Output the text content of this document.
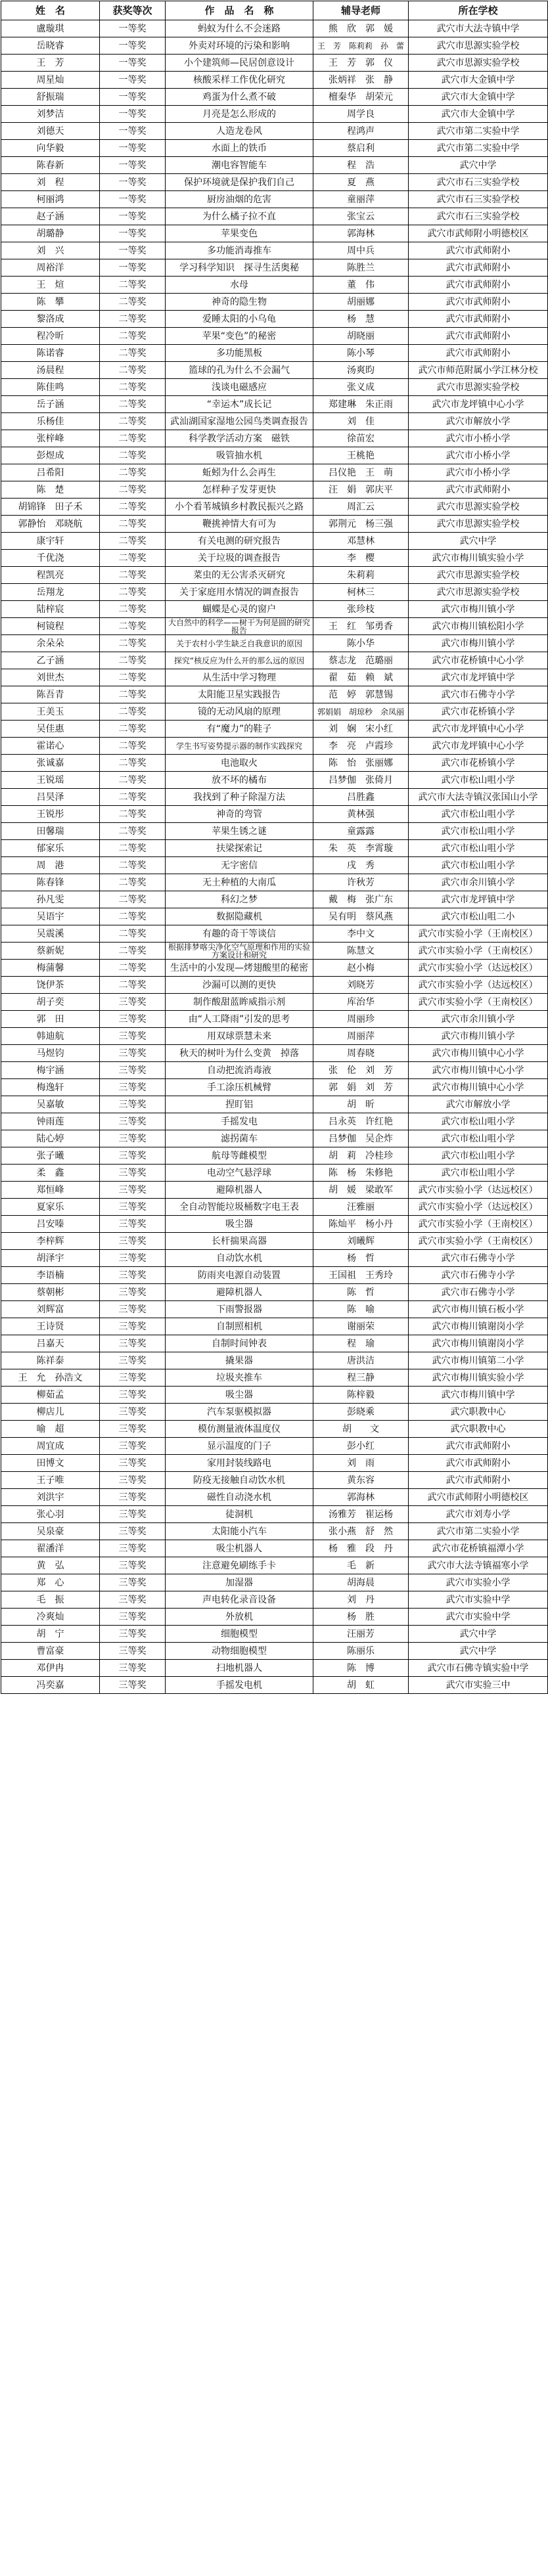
姓　名	获奖等次	作　品　名　称	辅导老师	所在学校
盧璇琪	一等奖	蚂蚁为什么不会迷路	熊　欣　郭　媛	武穴市大法寺镇中学
岳晓睿	一等奖	外卖对环境的污染和影响	王　芳　陈莉莉　孙　蕾	武穴市思源实验学校
王　芳	一等奖	小个建筑师—民居创意设计	王　芳　郭　仪	武穴市思源实验学校
周星灿	一等奖	核酸采样工作优化研究	张炳祥　张　静	武穴市大金镇中学
舒振瑞	一等奖	鸡蛋为什么煮不破	檀秦华　胡荣元	武穴市大金镇中学
刘梦洁	一等奖	月亮是怎么形成的	周学良	武穴市大金镇中学
刘德天	一等奖	人造龙卷风	程鸿声	武穴市第二实验中学
向华毅	一等奖	水面上的铁币	蔡启利	武穴市第二实验中学
陈春新	一等奖	潮电容智能车	程　浩	武穴中学
刘　程	一等奖	保护环境就是保护我们自己	夏　燕	武穴市石三实验学校
柯丽鸿	一等奖	厨房油烟的危害	童丽萍	武穴市石三实验学校
赵子涵	一等奖	为什么橘子拉不直	张宝云	武穴市石三实验学校
胡璐静	一等奖	苹果变色	郭海林	武穴市武师附小明德校区
刘　兴	一等奖	多功能消毒推车	周中兵	武穴市武师附小
周裕洋	一等奖	学习科学知识　探寻生活奥秘	陈胜兰	武穴市武师附小
王　煊	二等奖	水母	董　伟	武穴市武师附小
陈　攀	二等奖	神奇的隐生物	胡丽娜	武穴市武师附小
黎洛成	二等奖	爱睡太阳的小乌龟	杨　慧	武穴市武师附小
程冷昕	二等奖	苹果“变色”的秘密	胡晓丽	武穴市武师附小
陈诺睿	二等奖	多功能黑板	陈小琴	武穴市武师附小
汤晨程	二等奖	篮球的孔为什么不会漏气	汤爽昀	武穴市师范附属小学江林分校
陈佳鸣	二等奖	浅谈电磁感应	张义成	武穴市思源实验学校
岳子涵	二等奖	“幸运木”成长记	郑建琳　朱正雨	武穴市龙坪镇中心小学
乐杨佳	二等奖	武汕湖国家湿地公园鸟类调查报告	刘　佳	武穴市解放小学
张梓峰	二等奖	科学教学活动方案　磁铁	徐苗宏	武穴市小桥小学
彭煜成	二等奖	吸管抽水机	王桃艳	武穴市小桥小学
吕希阳	二等奖	蚯蚓为什么会再生	吕仪艳　王　萌	武穴市小桥小学
陈　楚	二等奖	怎样种子发芽更快	汪　娟　郭庆平	武穴市武师附小
胡锦锋　田子禾	二等奖	小个看苇城镇乡村教民振兴之路	周汇云	武穴市思源实验学校
郭静怡　邓晓航	二等奖	鞭挑神情大有可为	郭荆元　杨三强	武穴市思源实验学校
康宇轩	二等奖	有关电测的研究报告	邓慧林	武穴中学
千优浇	二等奖	关于垃圾的调查报告	李　樱	武穴市梅川镇实验小学
程凯亮	二等奖	菜虫的无公害杀灭研究	朱莉莉	武穴市思源实验学校
岳翔龙	二等奖	关于家庭用水情况的调查报告	柯林三	武穴市思源实验学校
陆梓宸	二等奖	蝴蝶是心灵的窗户	张珍枝	武穴市梅川镇小学
柯镜程	二等奖	大自然中的科学——树干为何是圆的研究报告	王　红　邹勇香	武穴市梅川镇松阳小学
余朵朵	二等奖	关于农村小学生缺乏自我意识的原因	陈小华	武穴市梅川镇小学
乙子涵	二等奖	探究“核反应为什么开的那么远的原因	蔡志龙　范璐丽	武穴市花桥镇中心小学
刘世杰	二等奖	从生活中学习物理	翟　茹　赖　斌	武穴市龙坪镇中学
陈吾青	二等奖	太阳能卫星实践报告	范　婷　郭慧锡	武穴市石佛寺小学
王美玉	二等奖	镜的无动风扇的原理	郭娟娟　胡琼秒　余凤丽	武穴市花桥镇小学
吴佳惠	二等奖	有“魔力”的鞋子	刘　娴　宋小红	武穴市龙坪镇中心小学
霍诺心	二等奖	学生书写姿势提示器的制作实践探究	李　亮　卢霞珍	武穴市龙坪镇中心小学
张诚嘉	二等奖	电池取火	陈　怡　张丽娜	武穴市花桥镇小学
王锐瑶	二等奖	放不坏的橘布	吕梦伽　张倚月	武穴市松山咀小学
吕昊泽	二等奖	我找到了种子除湿方法	吕胜鑫	武穴市大法寺镇汉张国山小学
王锐彤	二等奖	神奇的弯管	黄林强	武穴市松山咀小学
田馨瑞	二等奖	苹果生锈之谜	童露露	武穴市松山咀小学
郁家乐	二等奖	扶梁探索记	朱　英　李霄璇	武穴市松山咀小学
周　港	二等奖	无字密信	戌　秀	武穴市松山咀小学
陈春锋	二等奖	无土种植的大南瓜	许秋芳	武穴市余川镇小学
孙凡雯	二等奖	科幻之梦	戴　梅　张广东	武穴市龙坪镇中学
吴语宇	二等奖	数据隐藏机	吴有明　蔡风燕	武穴市松山咀二小
吴震溪	二等奖	有趣的奇干等谈信	李中文	武穴市实验小学（王南校区）
蔡新妮	二等奖	根据排梦喀尖净化空气原理和作用的实验方案设计和研究	陈慧文	武穴市实验小学（王南校区）
梅蒲馨	二等奖	生活中的小发现—烤翅酸里的秘密	赵小梅	武穴市实验小学（达远校区）
饶伊茶	二等奖	沙漏可以测的更快	刘晓芳	武穴市实验小学（达远校区）
胡子奕	三等奖	制作酸甜蓝眸威指示剂	库治华	武穴市实验小学（王南校区）
郭　田	三等奖	由“人工降雨”引发的思考	周丽珍	武穴市余川镇小学
韩迪航	三等奖	用双球票慧未来	周丽萍	武穴市梅川镇小学
马煜钧	三等奖	秋天的树叶为什么变黄　掉落	周春晓	武穴市梅川镇中心小学
梅宇涵	三等奖	自动把流消毒液	张　伦　刘　芳	武穴市梅川镇中心小学
梅逸轩	三等奖	手工涂压机械臂	郭　娟　刘　芳	武穴市梅川镇中心小学
吴嘉敏	三等奖	捏盯铝	胡　昕	武穴市解放小学
钟雨莲	三等奖	手摇发电	吕永英　许红艳	武穴市松山咀小学
陆心婷	三等奖	滤拐菌车	吕梦伽　吴企炸	武穴市松山咀小学
张子曦	三等奖	航母等雌模型	胡　莉　冷桂珍	武穴市松山咀小学
柔　鑫	三等奖	电动空气悬浮球	陈　杨　朱修艳	武穴市松山咀小学
郑恒峰	三等奖	避障机器人	胡　媛　梁敢军	武穴市实验小学（达远校区）
夏家乐	三等奖	全自动智能垃圾桶数字电王表	汪雅丽	武穴市实验小学（达远校区）
吕安嗪	三等奖	吸尘器	陈灿平　杨小丹	武穴市实验小学（王南校区）
李梓辉	三等奖	长杆揣果高器	刘曦辉	武穴市实验小学（王南校区）
胡泽宇	三等奖	自动饮水机	杨　哲	武穴市石佛寺小学
李语楠	三等奖	防雨夹电源自动装置	王国祖　王秀玲	武穴市石佛寺小学
蔡朝彬	三等奖	避障机器人	陈　哲	武穴市石佛寺小学
刘辉富	三等奖	下雨警报器	陈　喻	武穴市梅川镇石板小学
王诗贤	三等奖	自制照相机	谢丽荣	武穴市梅川镇谢岗小学
吕嘉天	三等奖	自制时间钟表	程　瑜	武穴市梅川镇谢岗小学
陈祥泰	三等奖	撬果器	唐洪洁	武穴市梅川镇第二小学
王　允　孙浩文	三等奖	垃圾夹推车	程三静	武穴市梅川镇实验小学
柳茹孟	三等奖	吸尘器	陈梓毅	武穴市梅川镇中学
柳店儿	三等奖	汽车泵驱模拟器	彭晓乘	武穴职教中心
喻　超	三等奖	模仿测量液体温度仪	胡　　文	武穴职教中心
周宜成	三等奖	显示温度的门子	彭小红	武穴市武师附小
田博文	三等奖	家用封装线路电	刘　雨	武穴市武师附小
王子唯	三等奖	防疫无接触自动饮水机	黄东容	武穴市武师附小
刘洪宇	三等奖	磁性自动浇水机	郭海林	武穴市武师附小明德校区
张心羽	三等奖	徒洞机	汤雅芳　崔运杨	武穴市刘寿小学
吴泉豪	三等奖	太阳能小汽车	张小燕　舒　然	武穴市第二实验小学
翟潘洋	三等奖	吸尘机器人	杨　雅　段　丹	武穴市花桥镇福潭小学
黄　弘	三等奖	注意避免刷练手卡	毛　新	武穴市大法寺镇福寒小学
郑　心	三等奖	加湿器	胡海晨	武穴市实验小学
毛　振	三等奖	声电转化录音设备	刘　丹	武穴市实验中学
冷爽灿	三等奖	外放机	杨　胜	武穴市实验中学
胡　宁	三等奖	细胞模型	汪丽芳	武穴中学
曹富豪	三等奖	动物细胞模型	陈丽乐	武穴中学
邓伊冉	三等奖	扫地机器人	陈　博	武穴市石佛寺镇实验中学
冯奕嘉	三等奖	手摇发电机	胡　虹	武穴市实验三中
